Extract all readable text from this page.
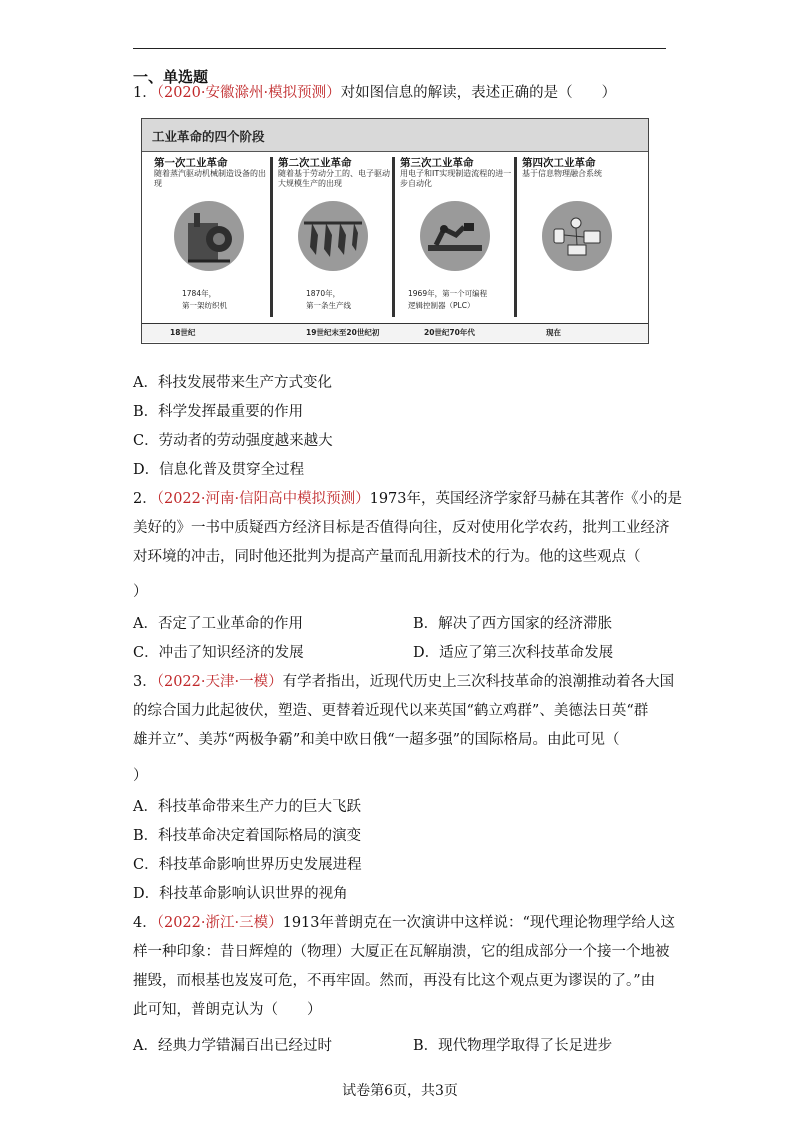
一、单选题
1．（2020·安徽滁州·模拟预测）对如图信息的解读，表述正确的是（　　）
工业革命的四个阶段
第一次工业革命
随着蒸汽驱动机械制造设备的出现
1784年，
第一架纺织机
第二次工业革命
随着基于劳动分工的、电子驱动大规模生产的出现
1870年，
第一条生产线
第三次工业革命
用电子和IT实现制造流程的进一步自动化
1969年，第一个可编程
逻辑控制器（PLC）
第四次工业革命
基于信息物理融合系统
18世纪	19世纪末至20世纪初	20世纪70年代	现在
A．科技发展带来生产方式变化
B．科学发挥最重要的作用
C．劳动者的劳动强度越来越大
D．信息化普及贯穿全过程
2．（2022·河南·信阳高中模拟预测）1973年，英国经济学家舒马赫在其著作《小的是
美好的》一书中质疑西方经济目标是否值得向往，反对使用化学农药，批判工业经济
对环境的冲击，同时他还批判为提高产量而乱用新技术的行为。他的这些观点（
）
A．否定了工业革命的作用	B．解决了西方国家的经济滞胀
C．冲击了知识经济的发展	D．适应了第三次科技革命发展
3．（2022·天津·一模）有学者指出，近现代历史上三次科技革命的浪潮推动着各大国
的综合国力此起彼伏，塑造、更替着近现代以来英国“鹤立鸡群”、美德法日英“群
雄并立”、美苏“两极争霸”和美中欧日俄“一超多强”的国际格局。由此可见（
）
A．科技革命带来生产力的巨大飞跃
B．科技革命决定着国际格局的演变
C．科技革命影响世界历史发展进程
D．科技革命影响认识世界的视角
4．（2022·浙江·三模）1913年普朗克在一次演讲中这样说：“现代理论物理学给人这
样一种印象：昔日辉煌的（物理）大厦正在瓦解崩溃，它的组成部分一个接一个地被
摧毁，而根基也岌岌可危，不再牢固。然而，再没有比这个观点更为谬误的了。”由
此可知，普朗克认为（　　）
A．经典力学错漏百出已经过时	B．现代物理学取得了长足进步
试卷第6页，共3页
